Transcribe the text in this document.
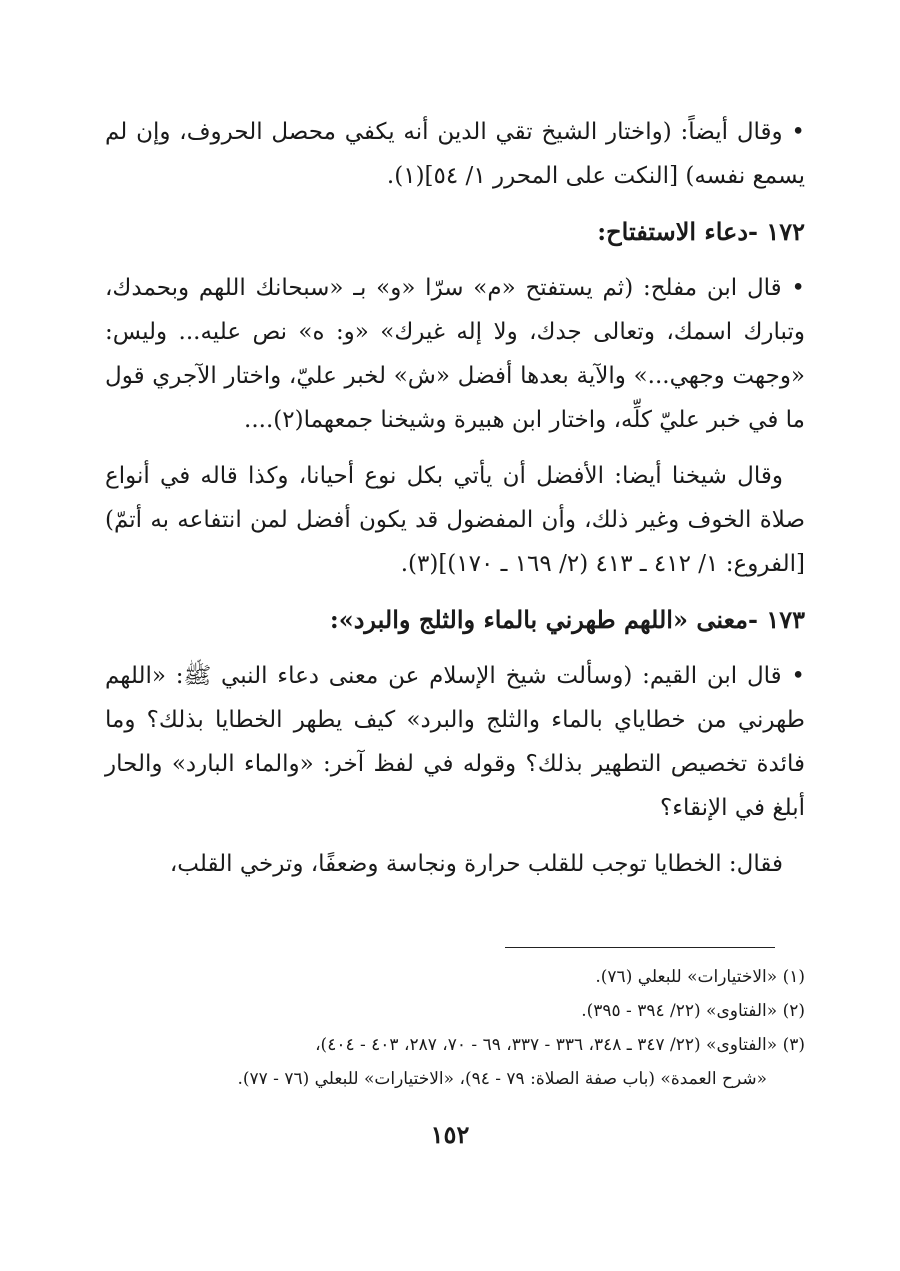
• وقال أيضاً: (واختار الشيخ تقي الدين أنه يكفي محصل الحروف، وإن لم يسمع نفسه) [النكت على المحرر ١/ ٥٤](١).

١٧٢ -دعاء الاستفتاح:

• قال ابن مفلح: (ثم يستفتح «م» سرّا «و» بـ «سبحانك اللهم وبحمدك، وتبارك اسمك، وتعالى جدك، ولا إله غيرك» «و: ه» نص عليه... وليس: «وجهت وجهي...» والآية بعدها أفضل «ش» لخبر عليّ، واختار الآجري قول ما في خبر عليّ كلِّه، واختار ابن هبيرة وشيخنا جمعهما(٢)....

وقال شيخنا أيضا: الأفضل أن يأتي بكل نوع أحيانا، وكذا قاله في أنواع صلاة الخوف وغير ذلك، وأن المفضول قد يكون أفضل لمن انتفاعه به أتمّ) [الفروع: ١/ ٤١٢ ـ ٤١٣ (٢/ ١٦٩ ـ ١٧٠)](٣).

١٧٣ -معنى «اللهم طهرني بالماء والثلج والبرد»:

• قال ابن القيم: (وسألت شيخ الإسلام عن معنى دعاء النبي ﷺ: «اللهم طهرني من خطاياي بالماء والثلج والبرد» كيف يطهر الخطايا بذلك؟ وما فائدة تخصيص التطهير بذلك؟ وقوله في لفظ آخر: «والماء البارد» والحار أبلغ في الإنقاء؟

فقال: الخطايا توجب للقلب حرارة ونجاسة وضعفًا، وترخي القلب،

(١) «الاختيارات» للبعلي (٧٦).

(٢) «الفتاوى» (٢٢/ ٣٩٤ - ٣٩٥).

(٣) «الفتاوى» (٢٢/ ٣٤٧ ـ ٣٤٨، ٣٣٦ - ٣٣٧، ٦٩ - ٧٠، ٢٨٧، ٤٠٣ - ٤٠٤)،

«شرح العمدة» (باب صفة الصلاة: ٧٩ - ٩٤)، «الاختيارات» للبعلي (٧٦ - ٧٧).

١٥٢
